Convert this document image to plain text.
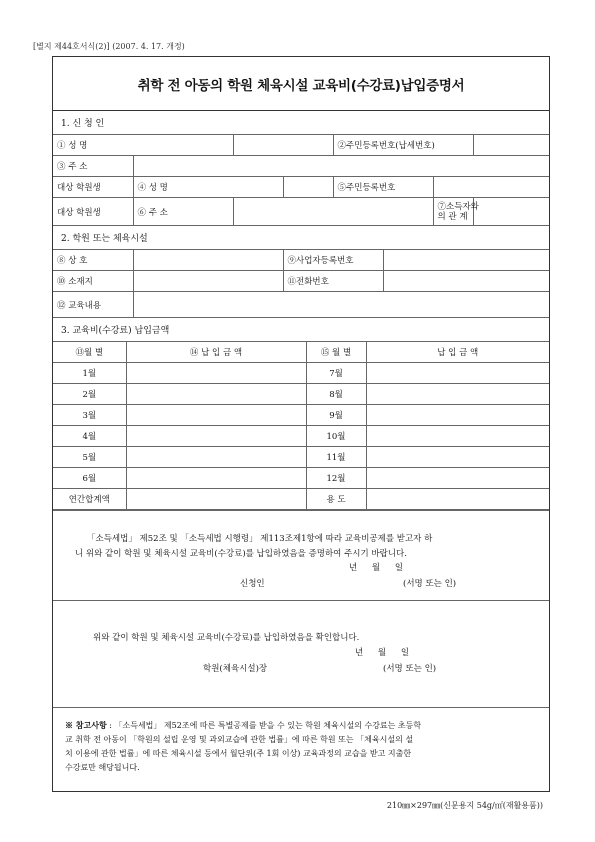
[별지 제44호서식(2)] (2007. 4. 17. 개정)
취학 전 아동의 학원 체육시설 교육비(수강료)납입증명서
1. 신 청 인
① 성 명				②주민등록번호(납세번호)		
③ 주 소						
대상 학원생	④ 성 명			⑤주민등록번호		
대상 학원생	⑥ 주 소				⑦소득자와
의 관 계	
2. 학원 또는 체육시설
⑧ 상 호		⑨사업자등록번호	
⑩ 소재지		⑪전화번호	
⑫ 교육내용			
3. 교육비(수강료) 납입금액
⑬월 별	⑭ 납 입 금 액	⑮ 월 별	납 입 금 액
1월		7월	
2월		8월	
3월		9월	
4월		10월	
5월		11월	
6월		12월	
연간합계액		용 도	
「소득세법」 제52조 및 「소득세법 시행령」 제113조제1항에 따라 교육비공제를 받고자 하
니 위와 같이 학원 및 체육시설 교육비(수강료)를 납입하였음을 증명하여 주시기 바랍니다.
년 월 일
신청인	(서명 또는 인)
위와 같이 학원 및 체육시설 교육비(수강료)를 납입하였음을 확인합니다.
년 월 일
학원(체육시설)장	(서명 또는 인)
※ 참고사항 : 「소득세법」 제52조에 따른 특별공제를 받을 수 있는 학원 체육시설의 수강료는 초등학
교 취학 전 아동이 「학원의 설립 운영 및 과외교습에 관한 법률」에 따른 학원 또는 「체육시설의 설
치 이용에 관한 법률」에 따른 체육시설 등에서 월단위(주 1회 이상) 교육과정의 교습을 받고 지출한
수강료만 해당됩니다.
210㎜×297㎜(신문용지 54g/㎡(재활용품))
